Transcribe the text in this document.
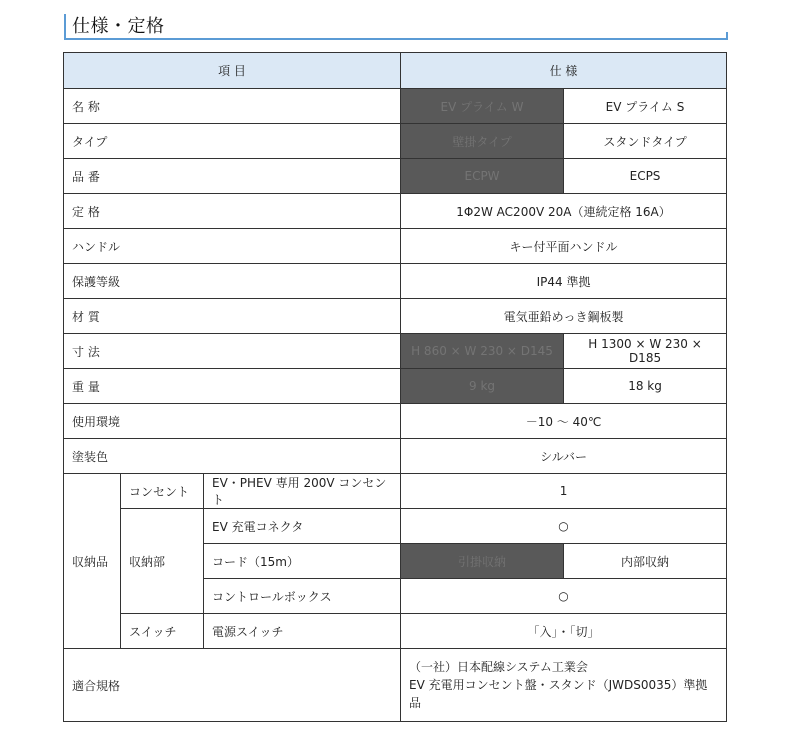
仕様・定格
項 目			仕 様	
名 称			EV プライム W	EV プライム S
タイプ			壁掛タイプ	スタンドタイプ
品 番			ECPW	ECPS
定 格			1Φ2W AC200V 20A（連続定格 16A）	
ハンドル			キー付平面ハンドル	
保護等級			IP44 準拠	
材 質			電気亜鉛めっき鋼板製	
寸 法			H 860 × W 230 × D145	H 1300 × W 230 × D185
重 量			9 kg	18 kg
使用環境			－10 ～ 40℃	
塗装色			シルバー	
収納品	コンセント	EV・PHEV 専用 200V コンセント	1	
	収納部	EV 充電コネクタ	○	
		コード（15m）	引掛収納	内部収納
		コントロールボックス	○	
	スイッチ	電源スイッチ	「入」・「切」	
適合規格			（一社）日本配線システム工業会
EV 充電用コンセント盤・スタンド（JWDS0035）準拠品	
